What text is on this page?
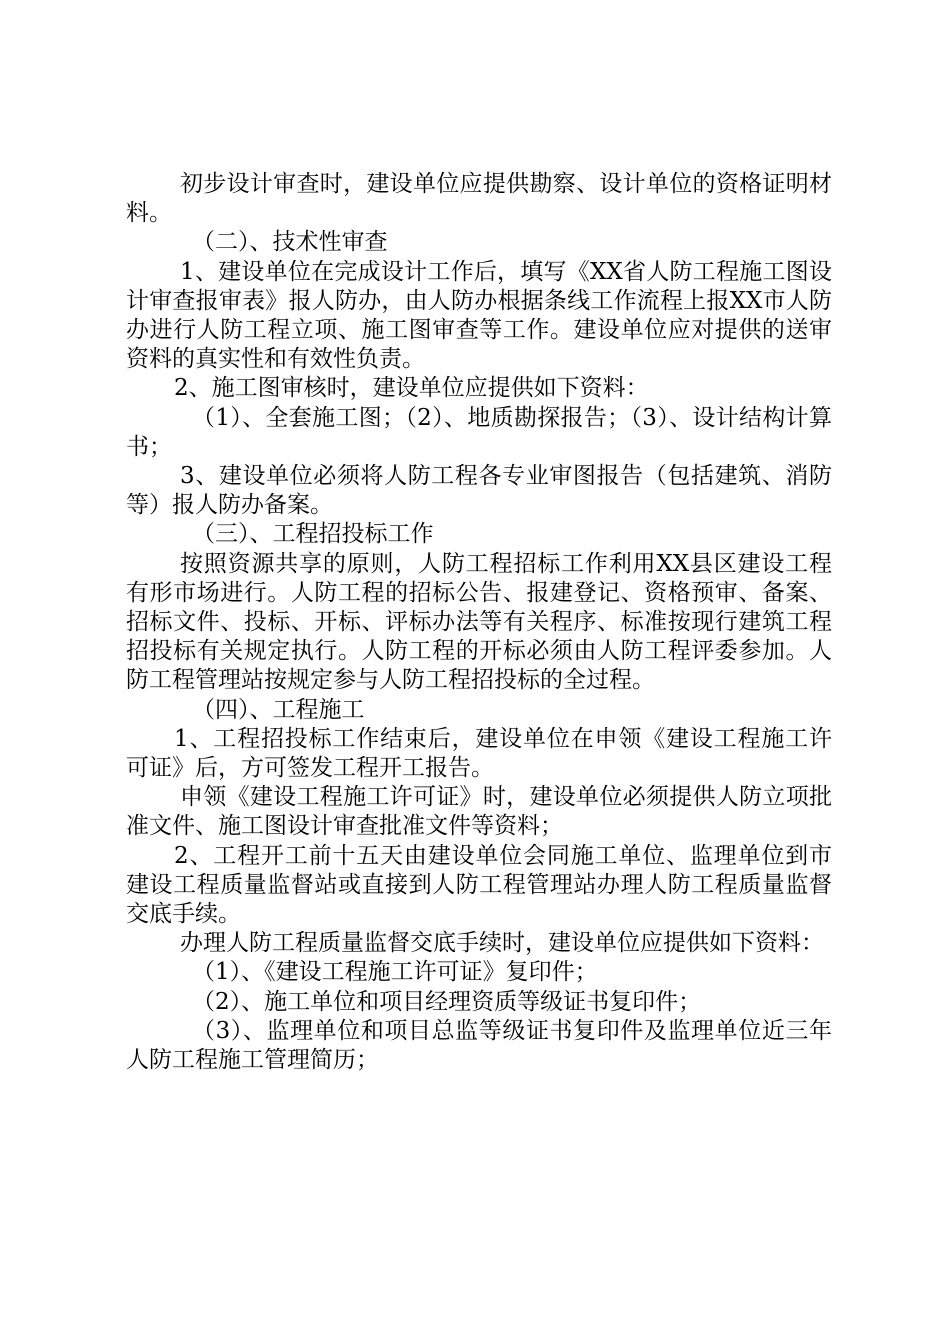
初步设计审查时，建设单位应提供勘察、设计单位的资格证明材料。

（二）、技术性审查

1、建设单位在完成设计工作后，填写《XX省人防工程施工图设计审查报审表》报人防办，由人防办根据条线工作流程上报XX市人防办进行人防工程立项、施工图审查等工作。建设单位应对提供的送审资料的真实性和有效性负责。

2、施工图审核时，建设单位应提供如下资料：

（1）、全套施工图；（2）、地质勘探报告；（3）、设计结构计算书；

3、建设单位必须将人防工程各专业审图报告（包括建筑、消防等）报人防办备案。

（三）、工程招投标工作

按照资源共享的原则，人防工程招标工作利用XX县区建设工程有形市场进行。人防工程的招标公告、报建登记、资格预审、备案、招标文件、投标、开标、评标办法等有关程序、标准按现行建筑工程招投标有关规定执行。人防工程的开标必须由人防工程评委参加。人防工程管理站按规定参与人防工程招投标的全过程。

（四）、工程施工

1、工程招投标工作结束后，建设单位在申领《建设工程施工许可证》后，方可签发工程开工报告。

申领《建设工程施工许可证》时，建设单位必须提供人防立项批准文件、施工图设计审查批准文件等资料；

2、工程开工前十五天由建设单位会同施工单位、监理单位到市建设工程质量监督站或直接到人防工程管理站办理人防工程质量监督交底手续。

办理人防工程质量监督交底手续时，建设单位应提供如下资料：

（1）、《建设工程施工许可证》复印件；

（2）、施工单位和项目经理资质等级证书复印件；

（3）、监理单位和项目总监等级证书复印件及监理单位近三年人防工程施工管理简历；
